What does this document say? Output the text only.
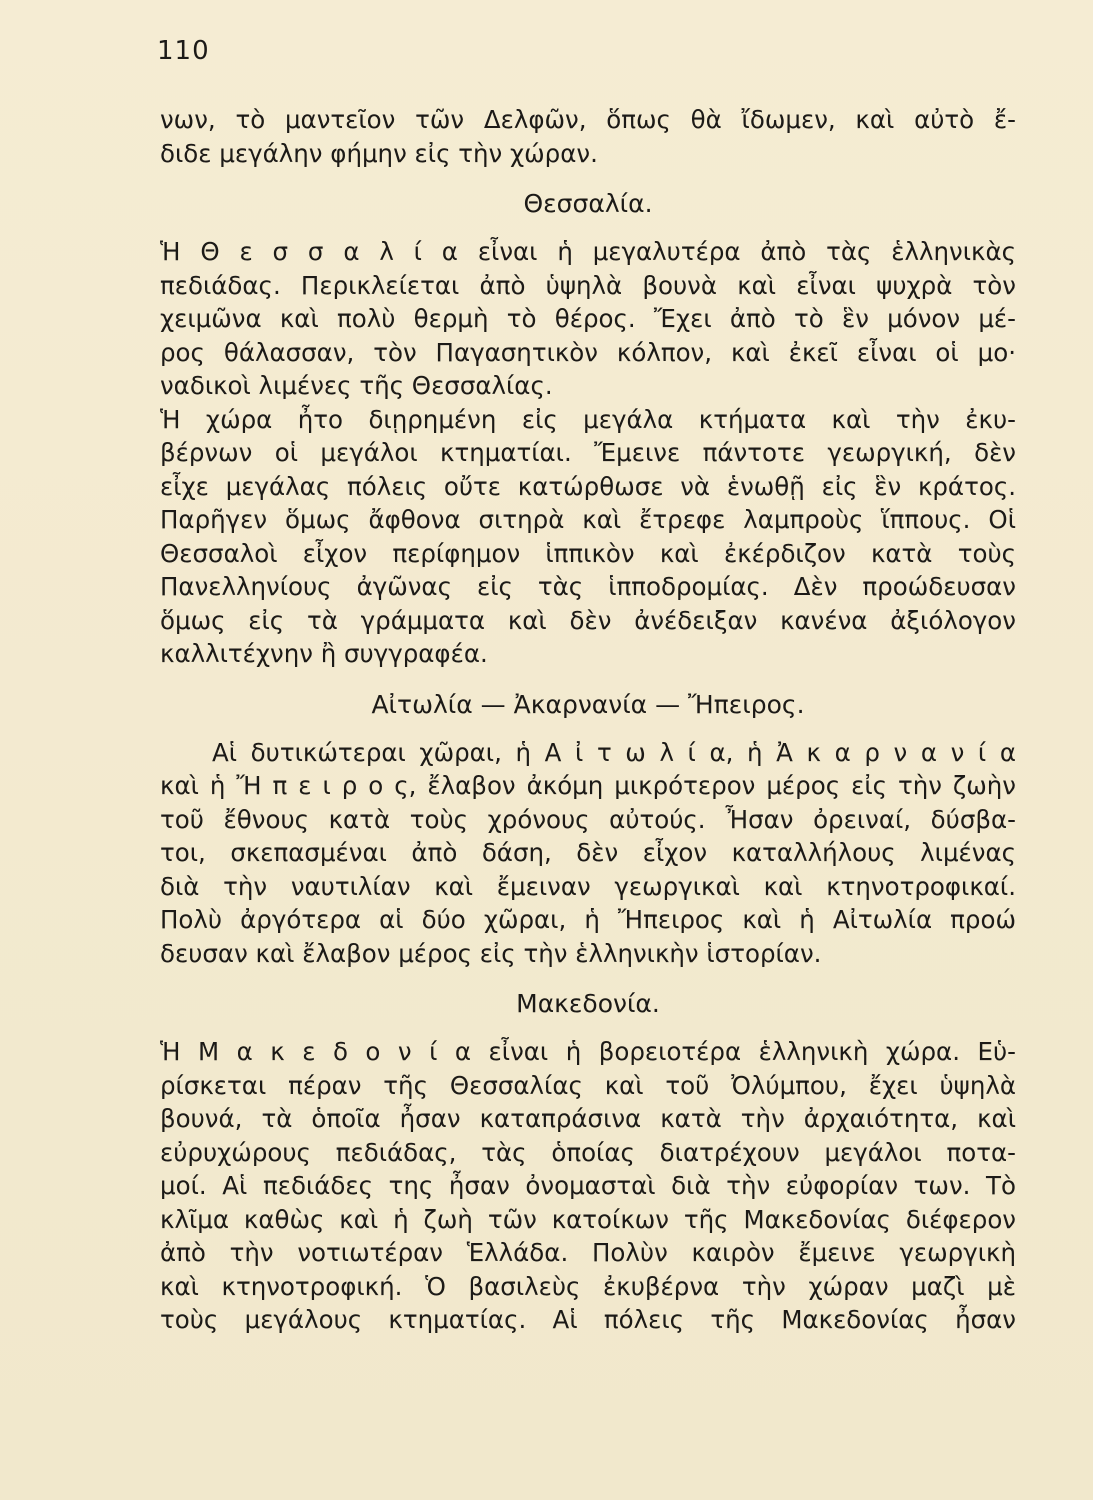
110

νων, τὸ μαντεῖον τῶν Δελφῶν, ὅπως θὰ ἴδωμεν, καὶ αὐτὸ ἔ-
διδε μεγάλην φήμην εἰς τὴν χώραν.

Θεσσαλία.

Ἡ Θ ε σ σ α λ ί α εἶναι ἡ μεγαλυτέρα ἀπὸ τὰς ἑλληνικὰς
πεδιάδας. Περικλείεται ἀπὸ ὑψηλὰ βουνὰ καὶ εἶναι ψυχρὰ τὸν
χειμῶνα καὶ πολὺ θερμὴ τὸ θέρος. Ἔχει ἀπὸ τὸ ἓν μόνον μέ-
ρος θάλασσαν, τὸν Παγασητικὸν κόλπον, καὶ ἐκεῖ εἶναι οἱ μο·
ναδικοὶ λιμένες τῆς Θεσσαλίας.

Ἡ χώρα ἦτο διῃρημένη εἰς μεγάλα κτήματα καὶ τὴν ἐκυ-
βέρνων οἱ μεγάλοι κτηματίαι. Ἔμεινε πάντοτε γεωργική, δὲν
εἶχε μεγάλας πόλεις οὔτε κατώρθωσε νὰ ἑνωθῇ εἰς ἓν κράτος.
Παρῆγεν ὅμως ἄφθονα σιτηρὰ καὶ ἔτρεφε λαμπροὺς ἵππους. Οἱ
Θεσσαλοὶ εἶχον περίφημον ἱππικὸν καὶ ἐκέρδιζον κατὰ τοὺς
Πανελληνίους ἀγῶνας εἰς τὰς ἱπποδρομίας. Δὲν προώδευσαν
ὅμως εἰς τὰ γράμματα καὶ δὲν ἀνέδειξαν κανένα ἀξιόλογον
καλλιτέχνην ἢ συγγραφέα.

Αἰτωλία — Ἀκαρνανία — Ἤπειρος.

Αἱ δυτικώτεραι χῶραι, ἡ Α ἰ τ ω λ ί α, ἡ Ἀ κ α ρ ν α ν ί α
καὶ ἡ Ἤ π ε ι ρ ο ς, ἔλαβον ἀκόμη μικρότερον μέρος εἰς τὴν ζωὴν
τοῦ ἔθνους κατὰ τοὺς χρόνους αὐτούς. Ἦσαν ὀρειναί, δύσβα-
τοι, σκεπασμέναι ἀπὸ δάση, δὲν εἶχον καταλλήλους λιμένας
διὰ τὴν ναυτιλίαν καὶ ἔμειναν γεωργικαὶ καὶ κτηνοτροφικαί.
Πολὺ ἀργότερα αἱ δύο χῶραι, ἡ Ἤπειρος καὶ ἡ Αἰτωλία προώ
δευσαν καὶ ἔλαβον μέρος εἰς τὴν ἑλληνικὴν ἱστορίαν.

Μακεδονία.

Ἡ Μ α κ ε δ ο ν ί α εἶναι ἡ βορειοτέρα ἑλληνικὴ χώρα. Εὑ-
ρίσκεται πέραν τῆς Θεσσαλίας καὶ τοῦ Ὀλύμπου, ἔχει ὑψηλὰ
βουνά, τὰ ὁποῖα ἦσαν καταπράσινα κατὰ τὴν ἀρχαιότητα, καὶ
εὐρυχώρους πεδιάδας, τὰς ὁποίας διατρέχουν μεγάλοι ποτα-
μοί. Αἱ πεδιάδες της ἦσαν ὀνομασταὶ διὰ τὴν εὐφορίαν των. Τὸ
κλῖμα καθὼς καὶ ἡ ζωὴ τῶν κατοίκων τῆς Μακεδονίας διέφερον
ἀπὸ τὴν νοτιωτέραν Ἑλλάδα. Πολὺν καιρὸν ἔμεινε γεωργικὴ
καὶ κτηνοτροφική. Ὁ βασιλεὺς ἐκυβέρνα τὴν χώραν μαζὶ μὲ
τοὺς μεγάλους κτηματίας. Αἱ πόλεις τῆς Μακεδονίας ἦσαν
